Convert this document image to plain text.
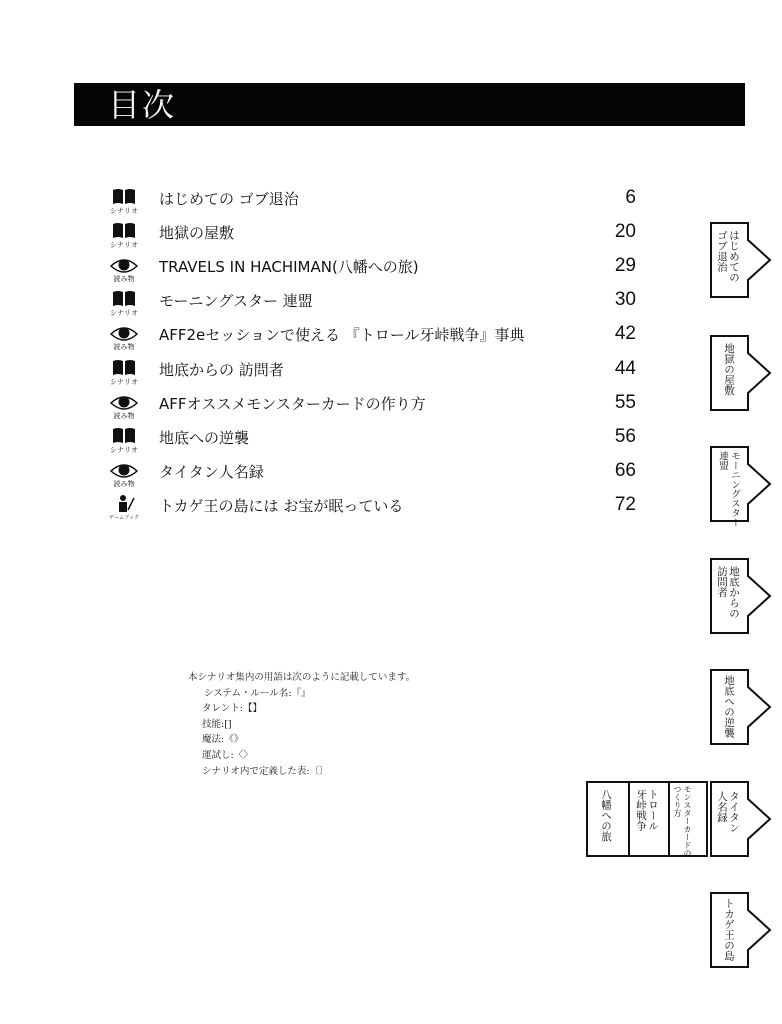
目次
シナリオ
はじめての ゴブ退治	6
シナリオ
地獄の屋敷	20
読み物
TRAVELS IN HACHIMAN(八幡への旅)	29
シナリオ
モーニングスター 連盟	30
読み物
AFF2eセッションで使える 『トロール牙峠戦争』事典	42
シナリオ
地底からの 訪問者	44
読み物
AFFオススメモンスターカードの作り方	55
シナリオ
地底への逆襲	56
読み物
タイタン人名録	66
ゲームブック
トカゲ王の島には お宝が眠っている	72
本シナリオ集内の用語は次のように記載しています。
システム・ルール名:『』
タレント:【】
技能:[]
魔法:《》
運試し:〈〉
シナリオ内で定義した表:〔〕
はじめての
ゴブ退治
地獄の屋敷
モーニングスター
連盟
地底からの
訪問者
地底への逆襲
タイタン
人名録
モンスターカードの
つくり方
トロール
牙峠戦争
八幡への旅
トカゲ王の島
